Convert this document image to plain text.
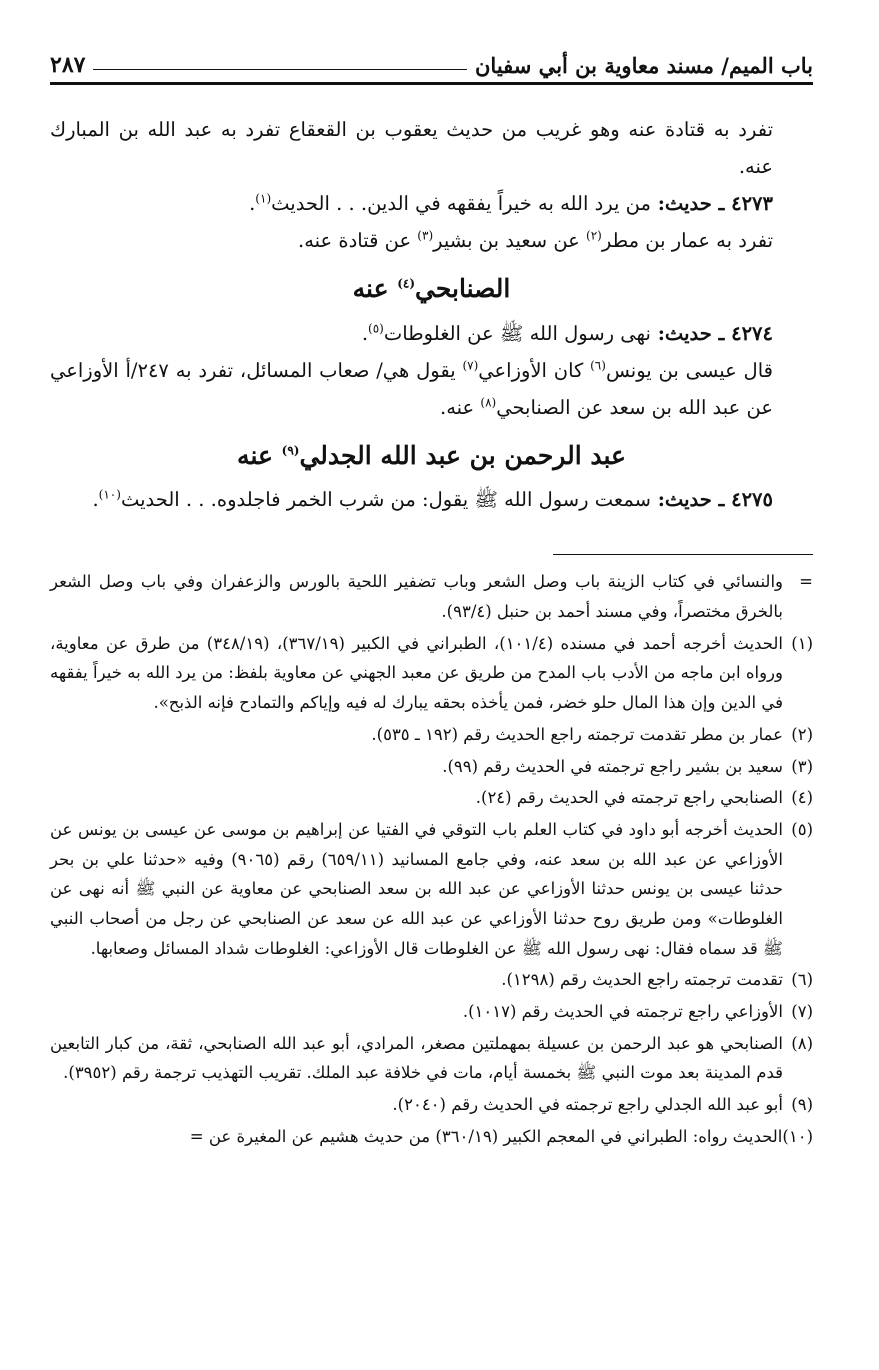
باب الميم/ مسند معاوية بن أبي سفيان
٢٨٧

تفرد به قتادة عنه وهو غريب من حديث يعقوب بن القعقاع تفرد به عبد الله بن المبارك عنه.

٤٢٧٣ ـ حديث: من يرد الله به خيراً يفقهه في الدين. . . الحديث$^{(١)}$.

تفرد به عمار بن مطر$^{(٢)}$ عن سعيد بن بشير$^{(٣)}$ عن قتادة عنه.

الصنابحي$^{(٤)}$ عنه

٤٢٧٤ ـ حديث: نهى رسول الله ﷺ عن الغلوطات$^{(٥)}$.

قال عيسى بن يونس$^{(٦)}$ كان الأوزاعي$^{(٧)}$ يقول هي/ صعاب المسائل، تفرد به ٢٤٧/أ الأوزاعي عن عبد الله بن سعد عن الصنابحي$^{(٨)}$ عنه.

عبد الرحمن بن عبد الله الجدلي$^{(٩)}$ عنه

٤٢٧٥ ـ حديث: سمعت رسول الله ﷺ يقول: من شرب الخمر فاجلدوه. . . الحديث$^{(١٠)}$.

=
والنسائي في كتاب الزينة باب وصل الشعر وباب تضفير اللحية بالورس والزعفران وفي باب وصل الشعر بالخرق مختصراً، وفي مسند أحمد بن حنبل (٩٣/٤).
(١)
الحديث أخرجه أحمد في مسنده (١٠١/٤)، الطبراني في الكبير (٣٦٧/١٩)، (٣٤٨/١٩) من طرق عن معاوية، ورواه ابن ماجه من الأدب باب المدح من طريق عن معبد الجهني عن معاوية بلفظ: من يرد الله به خيراً يفقهه في الدين وإن هذا المال حلو خضر، فمن يأخذه بحقه يبارك له فيه وإياكم والتمادح فإنه الذبح».
(٢)
عمار بن مطر تقدمت ترجمته راجع الحديث رقم (١٩٢ ـ ٥٣٥).
(٣)
سعيد بن بشير راجع ترجمته في الحديث رقم (٩٩).
(٤)
الصنابحي راجع ترجمته في الحديث رقم (٢٤).
(٥)
الحديث أخرجه أبو داود في كتاب العلم باب التوقي في الفتيا عن إبراهيم بن موسى عن عيسى بن يونس عن الأوزاعي عن عبد الله بن سعد عنه، وفي جامع المسانيد (٦٥٩/١١) رقم (٩٠٦٥) وفيه «حدثنا علي بن بحر حدثنا عيسى بن يونس حدثنا الأوزاعي عن عبد الله بن سعد الصنابحي عن معاوية عن النبي ﷺ أنه نهى عن الغلوطات» ومن طريق روح حدثنا الأوزاعي عن عبد الله عن سعد عن الصنابحي عن رجل من أصحاب النبي ﷺ قد سماه فقال: نهى رسول الله ﷺ عن الغلوطات قال الأوزاعي: الغلوطات شداد المسائل وصعابها.
(٦)
تقدمت ترجمته راجع الحديث رقم (١٢٩٨).
(٧)
الأوزاعي راجع ترجمته في الحديث رقم (١٠١٧).
(٨)
الصنابحي هو عبد الرحمن بن عسيلة بمهملتين مصغر، المرادي، أبو عبد الله الصنابحي، ثقة، من كبار التابعين قدم المدينة بعد موت النبي ﷺ بخمسة أيام، مات في خلافة عبد الملك. تقريب التهذيب ترجمة رقم (٣٩٥٢).
(٩)
أبو عبد الله الجدلي راجع ترجمته في الحديث رقم (٢٠٤٠).
(١٠)
الحديث رواه: الطبراني في المعجم الكبير (٣٦٠/١٩) من حديث هشيم عن المغيرة عن =
